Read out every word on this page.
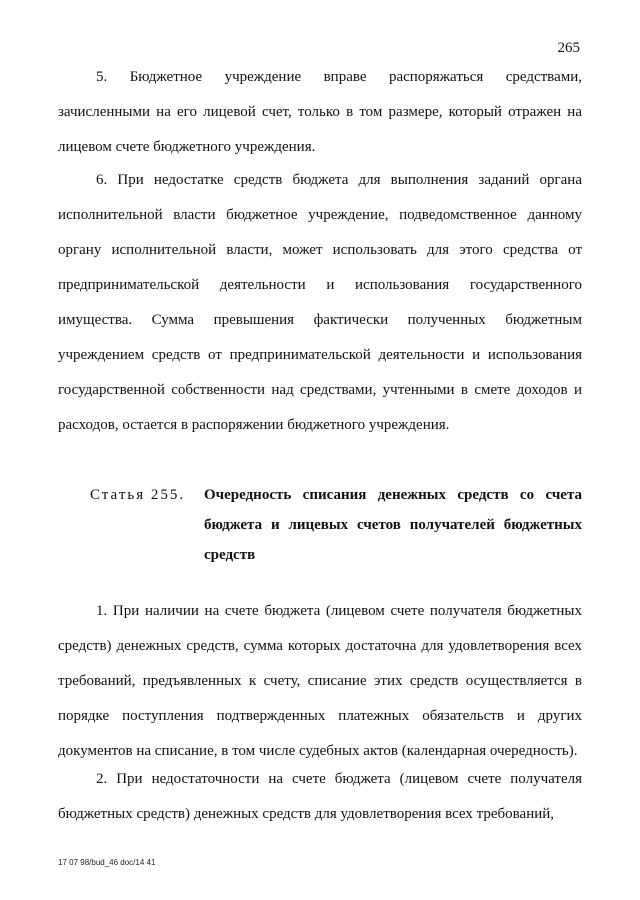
265

5. Бюджетное учреждение вправе распоряжаться средствами, зачисленными на его лицевой счет, только в том размере, который отражен на лицевом счете бюджетного учреждения.

6. При недостатке средств бюджета для выполнения заданий органа исполнительной власти бюджетное учреждение, подведомственное данному органу исполнительной власти, может использовать для этого средства от предпринимательской деятельности и использования государственного имущества. Сумма превышения фактически полученных бюджетным учреждением средств от предпринимательской деятельности и использования государственной собственности над средствами, учтенными в смете доходов и расходов, остается в распоряжении бюджетного учреждения.

Статья 255. Очередность списания денежных средств со счета бюджета и лицевых счетов получателей бюджетных средств

1. При наличии на счете бюджета (лицевом счете получателя бюджетных средств) денежных средств, сумма которых достаточна для удовлетворения всех требований, предъявленных к счету, списание этих средств осуществляется в порядке поступления подтвержденных платежных обязательств и других документов на списание, в том числе судебных актов (календарная очередность).

2. При недостаточности на счете бюджета (лицевом счете получателя бюджетных средств) денежных средств для удовлетворения всех требований,

17 07 98/bud_46 doc/14 41
